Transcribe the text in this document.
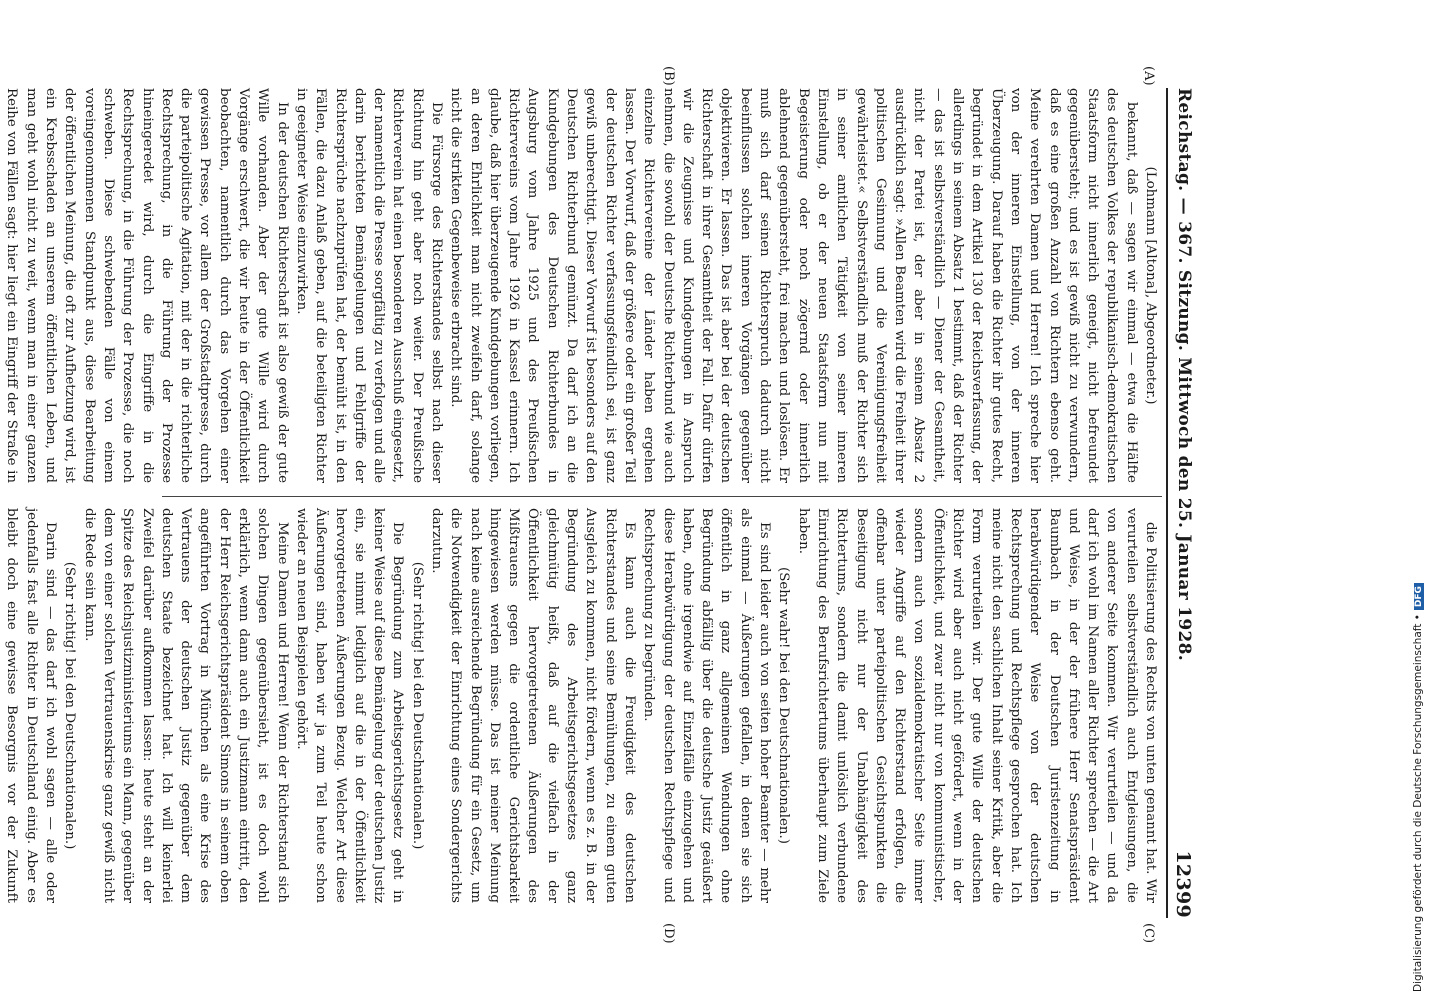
Reichstag. — 367. Sitzung. Mittwoch den 25. Januar 1928.
12399

(Lohmann [Altona], Abgeordneter.)

bekannt, daß — sagen wir einmal — etwa die Hälfte des deutschen Volkes der republikanisch-demokratischen Staatsform nicht innerlich geneigt, nicht befreundet gegenübersteht; und es ist gewiß nicht zu verwundern, daß es eine großen Anzahl von Richtern ebenso geht. Meine verehrten Damen und Herren! Ich spreche hier von der inneren Einstellung, von der inneren Überzeugung. Darauf haben die Richter ihr gutes Recht, begründet in dem Artikel 130 der Reichsverfassung, der allerdings in seinem Absatz 1 bestimmt, daß der Richter — das ist selbstverständlich — Diener der Gesamtheit, nicht der Partei ist, der aber in seinem Absatz 2 ausdrücklich sagt: »Allen Beamten wird die Freiheit ihrer politischen Gesinnung und die Vereinigungsfreiheit gewährleistet.« Selbstverständlich muß der Richter sich in seiner amtlichen Tätigkeit von seiner inneren Einstellung, ob er der neuen Staatsform nun mit Begeisterung oder noch zögernd oder innerlich ablehnend gegenübersteht, frei machen und loslösen. Er muß sich darf seinen Richterspruch dadurch nicht beeinflussen solchen inneren Vorgängen gegenüber objektivieren. Er lassen. Das ist aber bei der deutschen Richterschaft in ihrer Gesamtheit der Fall. Dafür dürfen wir die Zeugnisse und Kundgebungen in Anspruch nehmen, die sowohl der Deutsche Richterbund wie auch einzelne Richtervereine der Länder haben ergehen lassen. Der Vorwurf, daß der größere oder ein großer Teil der deutschen Richter verfassungsfeindlich sei, ist ganz gewiß unberechtigt. Dieser Vorwurf ist besonders auf den Deutschen Richterbund gemünzt. Da darf ich an die Kundgebungen des Deutschen Richterbundes in Augsburg vom Jahre 1925 und des Preußischen Richtervereins vom Jahre 1926 in Kassel erinnern. Ich glaube, daß hier überzeugende Kundgebungen vorliegen, an deren Ehrlichkeit man nicht zweifeln darf, solange nicht die strikten Gegenbeweise erbracht sind.

Die Fürsorge des Richterstandes selbst nach dieser Richtung hin geht aber noch weiter. Der Preußische Richterverein hat einen besonderen Ausschuß eingesetzt, der namentlich die Presse sorgfältig zu verfolgen und alle darin berichteten Bemängelungen und Fehlgriffe der Richtersprüche nachzuprüfen hat, der bemüht ist, in den Fällen, die dazu Anlaß geben, auf die beteiligten Richter in geeigneter Weise einzuwirken.

In der deutschen Richterschaft ist also gewiß der gute Wille vorhanden. Aber der gute Wille wird durch Vorgänge erschwert, die wir heute in der Öffentlichkeit beobachten, namentlich durch das Vorgehen einer gewissen Presse, vor allem der Großstadtpresse, durch die parteipolitische Agitation, mit der in die richterliche Rechtsprechung, in die Führung der Prozesse hineingeredet wird, durch die Eingriffe in die Rechtsprechung, in die Führung der Prozesse, die noch schweben. Diese schwebenden Fälle von einem voreingenommenen Standpunkt aus, diese Bearbeitung der öffentlichen Meinung, die oft zur Aufhetzung wird, ist ein Krebsschaden an unserem öffentlichen Leben, und man geht wohl nicht zu weit, wenn man in einer ganzen Reihe von Fällen sagt: hier liegt ein Eingriff der Straße in

die Politisierung des Rechts von unten genannt hat. Wir verurteilen selbstverständlich auch Entgleisungen, die von anderer Seite kommen. Wir verurteilen — und da darf ich wohl im Namen aller Richter sprechen — die Art und Weise, in der der frühere Herr Senatspräsident Baumbach in der Deutschen Juristenzeitung in herabwürdigender Weise von der deutschen Rechtsprechung und Rechtspflege gesprochen hat. Ich meine nicht den sachlichen Inhalt seiner Kritik, aber die Form verurteilen wir. Der gute Wille der deutschen Richter wird aber auch nicht gefördert, wenn in der Öffentlichkeit, und zwar nicht nur von kommunistischer, sondern auch von sozialdemokratischer Seite immer wieder Angriffe auf den Richterstand erfolgen, die offenbar unter parteipolitischen Gesichtspunkten die Beseitigung nicht nur der Unabhängigkeit des Richtertums, sondern die damit unlöslich verbundene Einrichtung des Berufsrichtertums überhaupt zum Ziele haben.

(Sehr wahr! bei den Deutschnationalen.)

Es sind leider auch von seiten hoher Beamter — mehr als einmal — Äußerungen gefallen, in denen sie sich öffentlich in ganz allgemeinen Wendungen ohne Begründung abfällig über die deutsche Justiz geäußert haben, ohne irgendwie auf Einzelfälle einzugehen und diese Herabwürdigung der deutschen Rechtspflege und Rechtsprechung zu begründen.

Es kann auch die Freudigkeit des deutschen Richterstandes und seine Bemühungen, zu einem guten Ausgleich zu kommen, nicht fördern, wenn es z. B. in der Begründung des Arbeitsgerichtsgesetzes ganz gleichmütig heißt, daß auf die vielfach in der Öffentlichkeit hervorgetretenen Äußerungen des Mißtrauens gegen die ordentliche Gerichtsbarkeit hingewiesen werden müsse. Das ist meiner Meinung nach keine ausreichende Begründung für ein Gesetz, um die Notwendigkeit der Einrichtung eines Sondergerichts darzutun.

(Sehr richtig! bei den Deutschnationalen.)

Die Begründung zum Arbeitsgerichtsgesetz geht in keiner Weise auf diese Bemängelung der deutschen Justiz ein, sie nimmt lediglich auf die in der Öffentlichkeit hervorgetretenen Äußerungen Bezug. Welcher Art diese Äußerungen sind, haben wir ja zum Teil heute schon wieder an neuen Beispielen gehört.

Meine Damen und Herren! Wenn der Richterstand sich solchen Dingen gegenübersieht, ist es doch wohl erklärlich, wenn dann auch ein Justizmann eintritt, den der Herr Reichsgerichtspräsident Simons in seinem oben angeführten Vortrag in München als eine Krise des Vertrauens der deutschen Justiz gegenüber dem deutschen Staate bezeichnet hat. Ich will keinerlei Zweifel darüber aufkommen lassen: heute steht an der Spitze des Reichsjustizministeriums ein Mann, gegenüber dem von einer solchen Vertrauenskrise ganz gewiß nicht die Rede sein kann.

(Sehr richtig! bei den Deutschnationalen.)

Darin sind — das darf ich wohl sagen — alle oder jedenfalls fast alle Richter in Deutschland einig. Aber es bleibt doch eine gewisse Besorgnis vor der Zukunft

(A)
(B)
(C)
(D)	Digitalisierung gefördert durch die Deutsche Forschungsgemeinschaft •DFG
